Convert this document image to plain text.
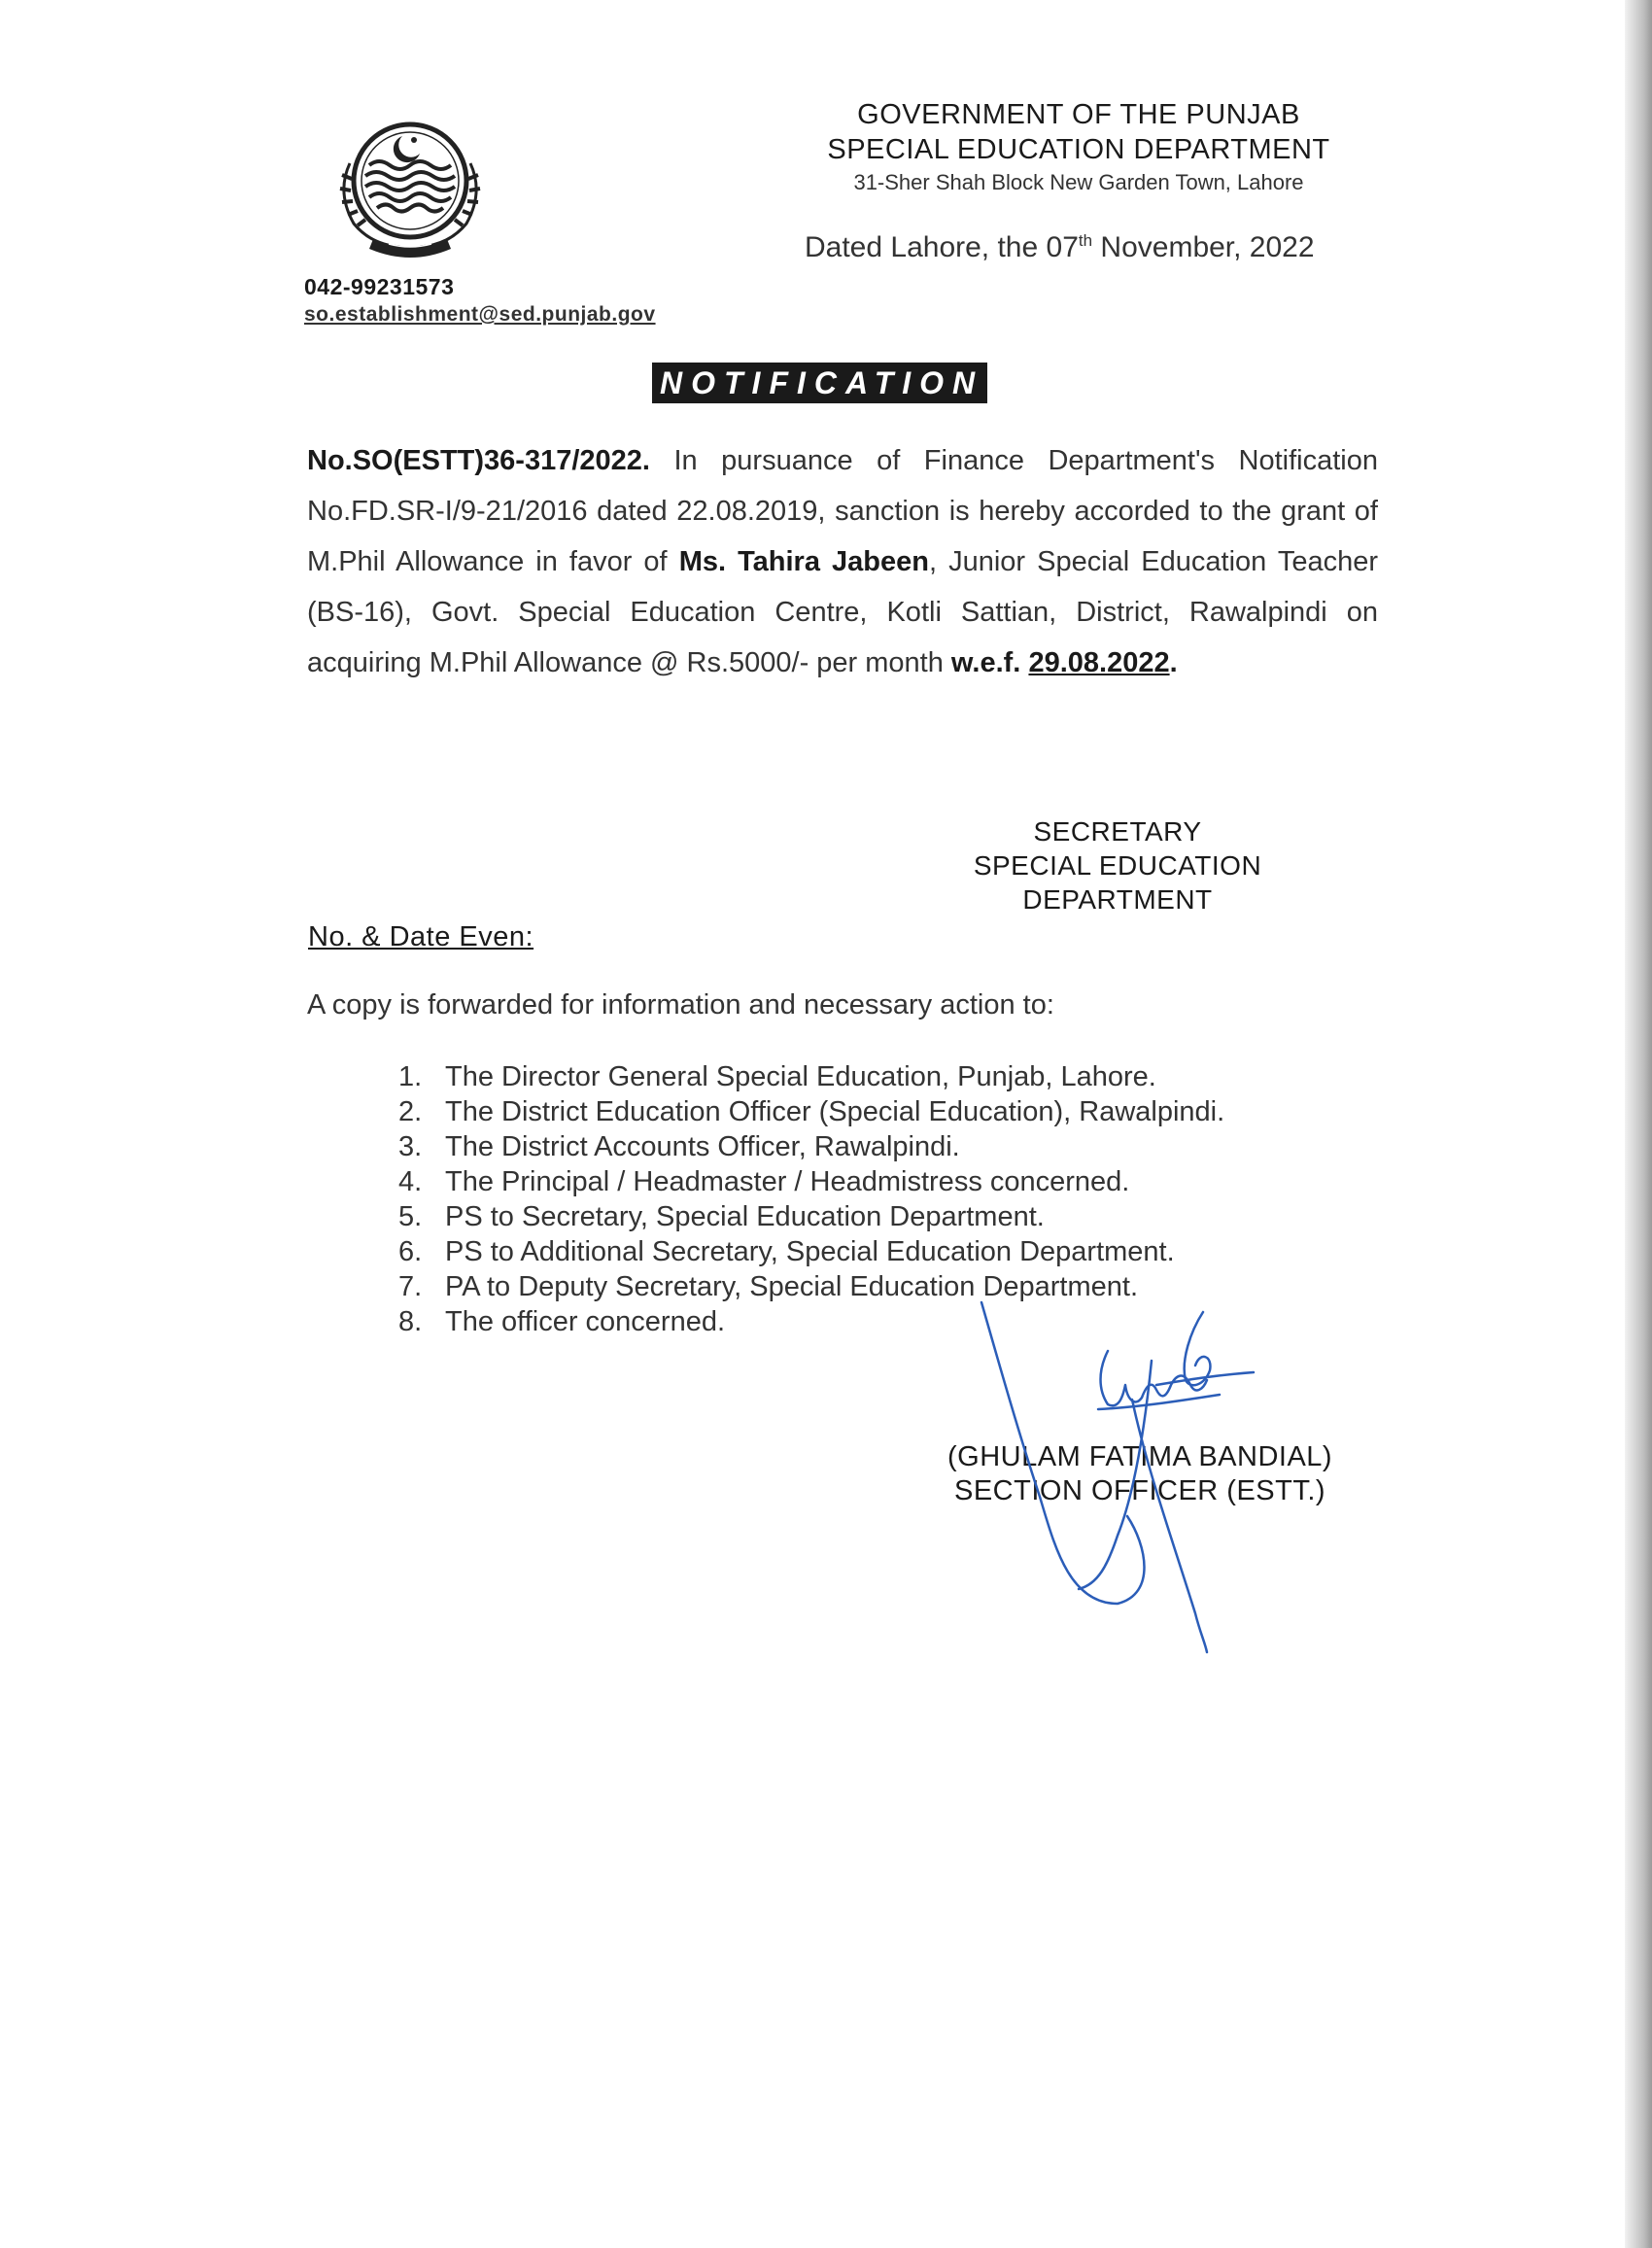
GOVERNMENT OF THE PUNJAB
SPECIAL EDUCATION DEPARTMENT
31-Sher Shah Block New Garden Town, Lahore
Dated Lahore, the 07th November, 2022
042-99231573
so.establishment@sed.punjab.gov
NOTIFICATION
No.SO(ESTT)36-317/2022. In pursuance of Finance Department's Notification No.FD.SR-I/9-21/2016 dated 22.08.2019, sanction is hereby accorded to the grant of M.Phil Allowance in favor of Ms. Tahira Jabeen, Junior Special Education Teacher (BS-16), Govt. Special Education Centre, Kotli Sattian, District, Rawalpindi on acquiring M.Phil Allowance @ Rs.5000/- per month w.e.f. 29.08.2022.
SECRETARY
SPECIAL EDUCATION
DEPARTMENT
No. & Date Even:
A copy is forwarded for information and necessary action to:
1. The Director General Special Education, Punjab, Lahore.
2. The District Education Officer (Special Education), Rawalpindi.
3. The District Accounts Officer, Rawalpindi.
4. The Principal / Headmaster / Headmistress concerned.
5. PS to Secretary, Special Education Department.
6. PS to Additional Secretary, Special Education Department.
7. PA to Deputy Secretary, Special Education Department.
8. The officer concerned.
(GHULAM FATIMA BANDIAL)
SECTION OFFICER (ESTT.)
